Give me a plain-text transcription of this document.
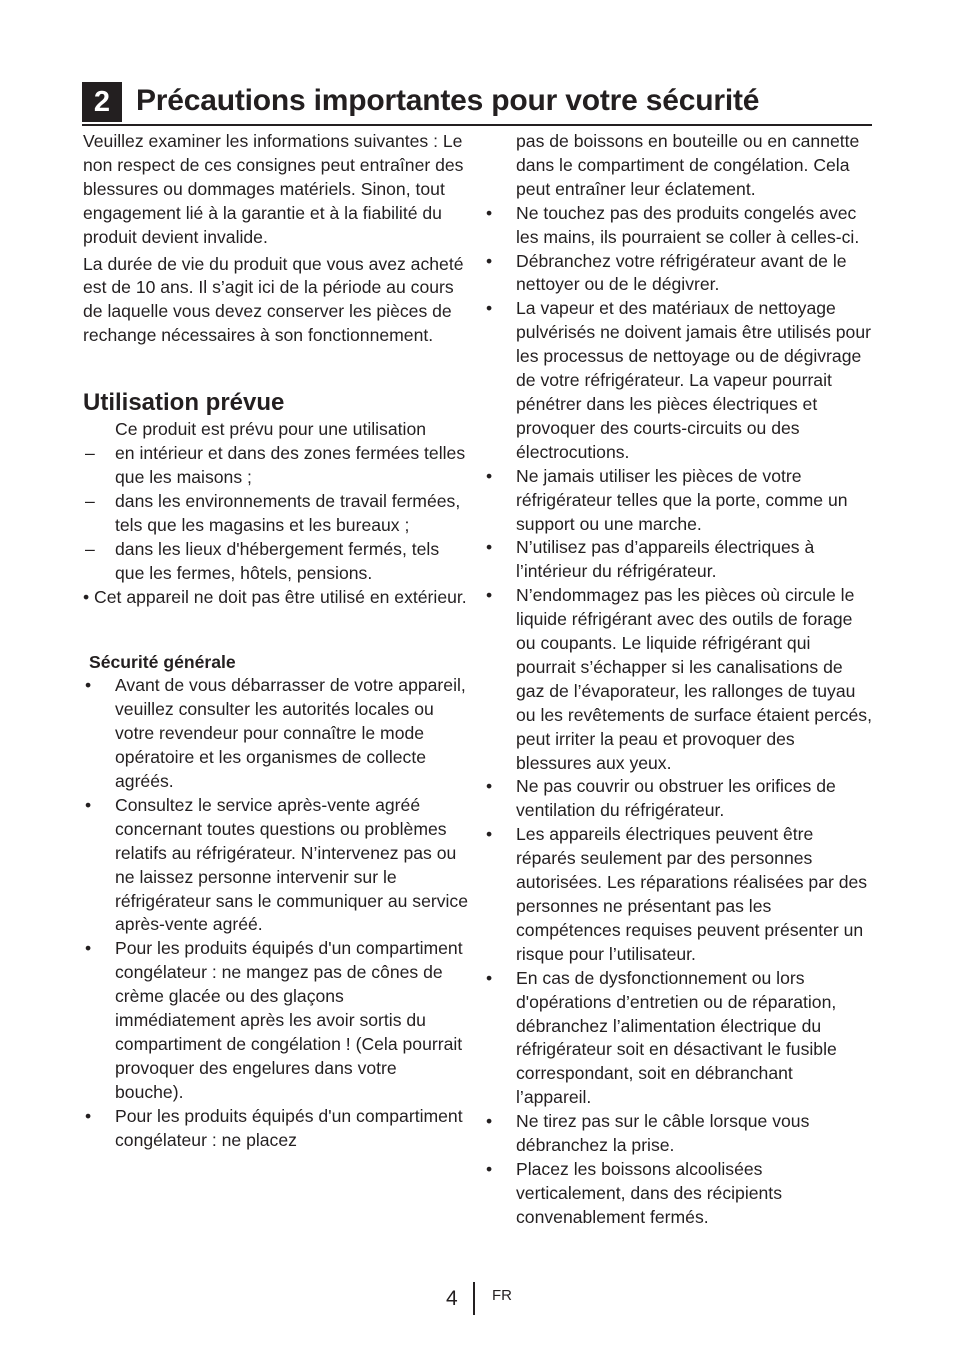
2 Précautions importantes pour votre sécurité

Veuillez examiner les informations suivantes : Le non respect de ces consignes peut entraîner des blessures ou dommages matériels. Sinon, tout engagement lié à la garantie et à la fiabilité du produit devient invalide.

La durée de vie du produit que vous avez acheté est de 10 ans. Il s’agit ici de la période au cours de laquelle vous devez conserver les pièces de rechange nécessaires à son fonctionnement.

Utilisation prévue

Ce produit est prévu pour une utilisation

– en intérieur et dans des zones fermées telles que les maisons ;
– dans les environnements de travail fermées, tels que les magasins et les bureaux ;
– dans les lieux d'hébergement fermés, tels que les fermes, hôtels, pensions.

• Cet appareil ne doit pas être utilisé en extérieur.

Sécurité générale
• Avant de vous débarrasser de votre appareil, veuillez consulter les autorités locales ou votre revendeur pour connaître le mode opératoire et les organismes de collecte agréés.
• Consultez le service après-vente agréé concernant toutes questions ou problèmes relatifs au réfrigérateur. N’intervenez pas ou ne laissez personne intervenir sur le réfrigérateur sans le communiquer au service après-vente agréé.
• Pour les produits équipés d'un compartiment congélateur : ne mangez pas de cônes de crème glacée ou des glaçons immédiatement après les avoir sortis du compartiment de congélation ! (Cela pourrait provoquer des engelures dans votre bouche).
• Pour les produits équipés d'un compartiment congélateur : ne placez

pas de boissons en bouteille ou en cannette dans le compartiment de congélation. Cela peut entraîner leur éclatement.

• Ne touchez pas des produits congelés avec les mains, ils pourraient se coller à celles-ci.
• Débranchez votre réfrigérateur avant de le nettoyer ou de le dégivrer.
• La vapeur et des matériaux de nettoyage pulvérisés ne doivent jamais être utilisés pour les processus de nettoyage ou de dégivrage de votre réfrigérateur. La vapeur pourrait pénétrer dans les pièces électriques et provoquer des courts-circuits ou des électrocutions.
• Ne jamais utiliser les pièces de votre réfrigérateur telles que la porte, comme un support ou une marche.
• N’utilisez pas d’appareils électriques à l’intérieur du réfrigérateur.
• N’endommagez pas les pièces où circule le liquide réfrigérant avec des outils de forage ou coupants. Le liquide réfrigérant qui pourrait s’échapper si les canalisations de gaz de l’évaporateur, les rallonges de tuyau ou les revêtements de surface étaient percés, peut irriter la peau et provoquer des blessures aux yeux.
• Ne pas couvrir ou obstruer les orifices de ventilation du réfrigérateur.
• Les appareils électriques peuvent être réparés seulement par des personnes autorisées. Les réparations réalisées par des personnes ne présentant pas les compétences requises peuvent présenter un risque pour l’utilisateur.
• En cas de dysfonctionnement ou lors d'opérations d’entretien ou de réparation, débranchez l’alimentation électrique du réfrigérateur soit en désactivant le fusible correspondant, soit en débranchant l’appareil.
• Ne tirez pas sur le câble lorsque vous débranchez la prise.
• Placez les boissons alcoolisées verticalement, dans des récipients convenablement fermés.
4 FR
